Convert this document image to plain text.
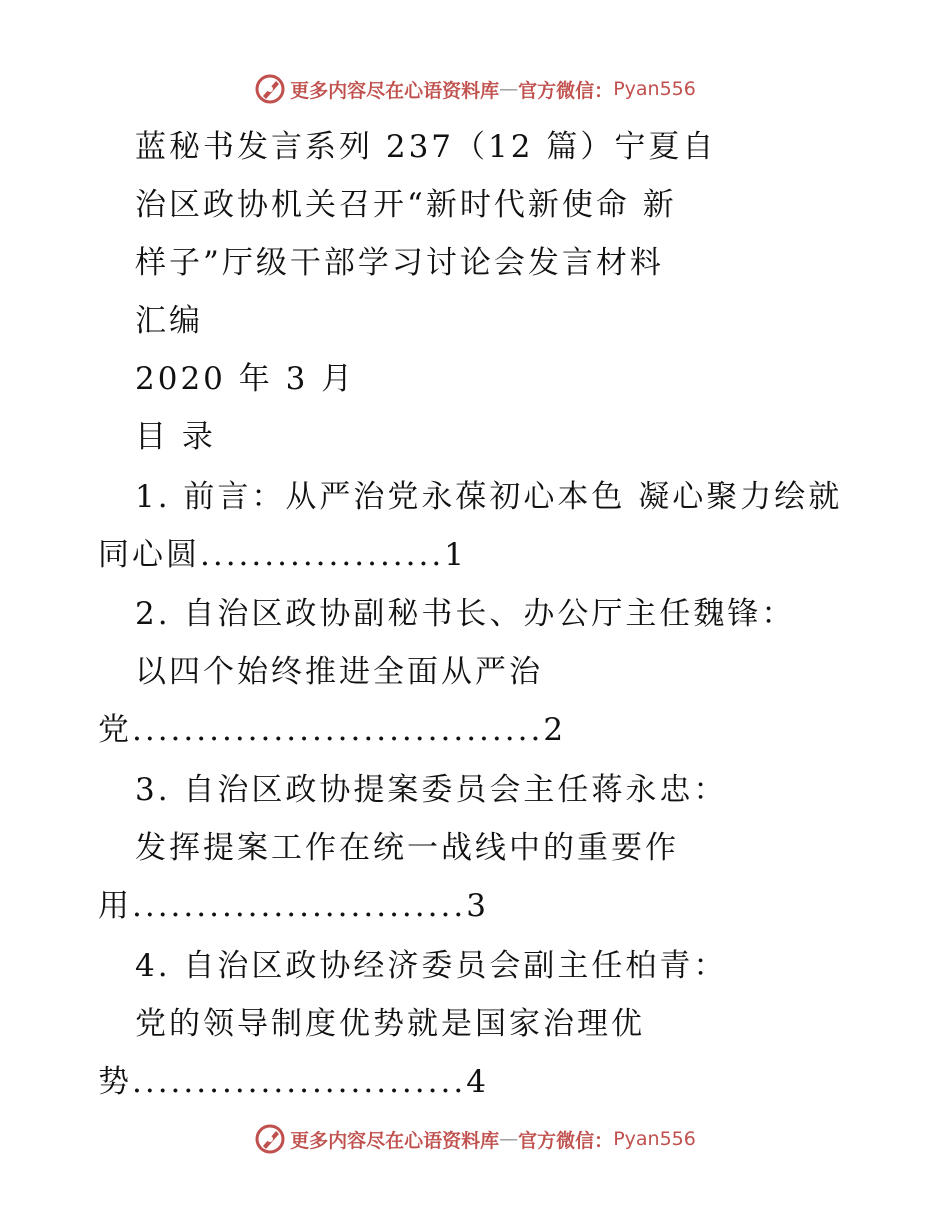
更多内容尽在心语资料库 — 官方微信： Pyan556
蓝秘书发言系列 237（12 篇）宁夏自
治区政协机关召开“新时代新使命 新
样子”厅级干部学习讨论会发言材料
汇编
2020 年 3 月
目 录
1. 前言：从严治党永葆初心本色 凝心聚力绘就
同心圆...................1
2. 自治区政协副秘书长、办公厅主任魏锋：
以四个始终推进全面从严治
党................................2
3. 自治区政协提案委员会主任蒋永忠：
发挥提案工作在统一战线中的重要作
用..........................3
4. 自治区政协经济委员会副主任柏青：
党的领导制度优势就是国家治理优
势..........................4
更多内容尽在心语资料库 — 官方微信： Pyan556
